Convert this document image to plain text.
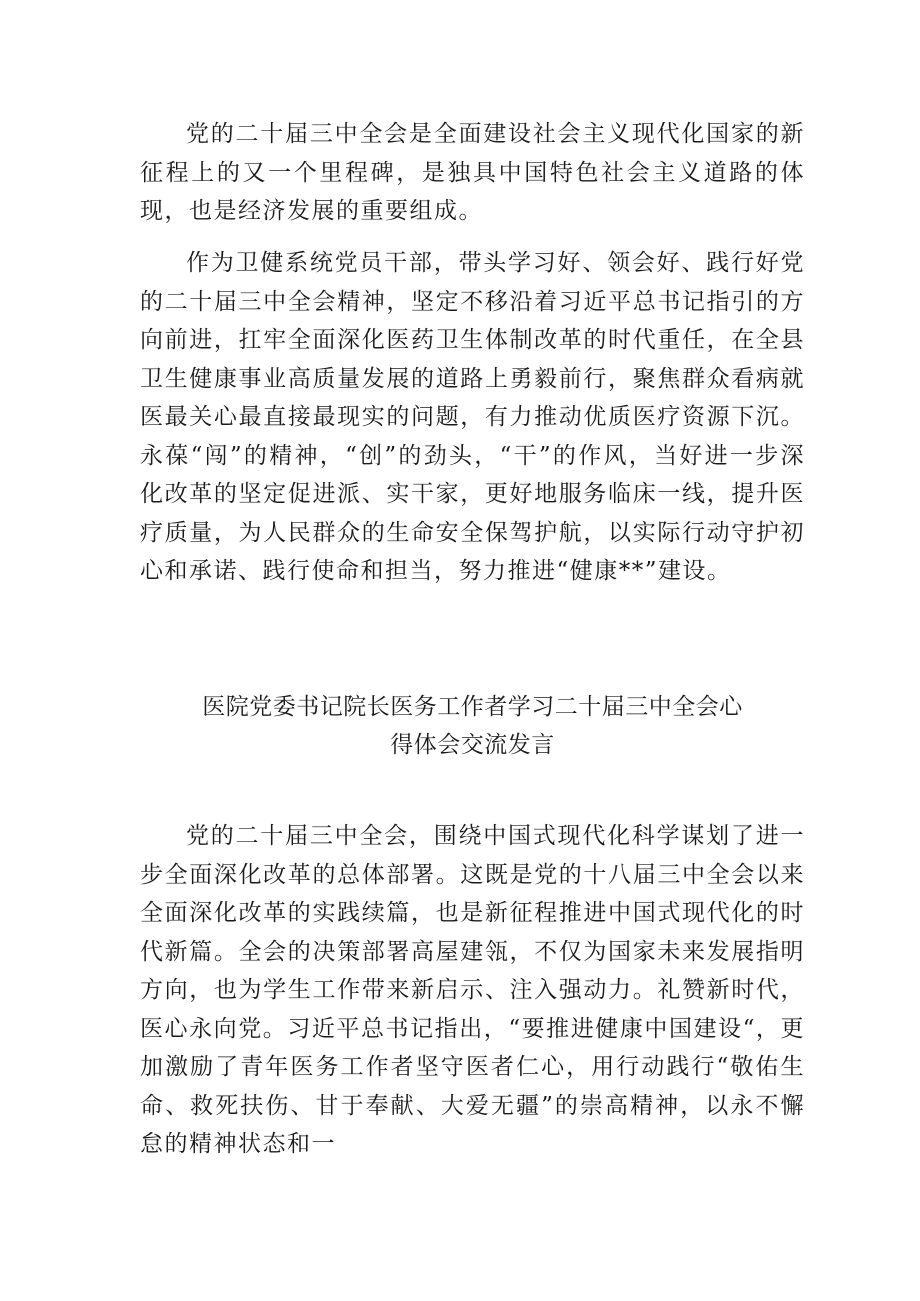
党的二十届三中全会是全面建设社会主义现代化国家的新征程上的又一个里程碑，是独具中国特色社会主义道路的体现，也是经济发展的重要组成。

作为卫健系统党员干部，带头学习好、领会好、践行好党的二十届三中全会精神，坚定不移沿着习近平总书记指引的方向前进，扛牢全面深化医药卫生体制改革的时代重任，在全县卫生健康事业高质量发展的道路上勇毅前行，聚焦群众看病就医最关心最直接最现实的问题，有力推动优质医疗资源下沉。永葆“闯”的精神，“创”的劲头，“干”的作风，当好进一步深化改革的坚定促进派、实干家，更好地服务临床一线，提升医疗质量，为人民群众的生命安全保驾护航，以实际行动守护初心和承诺、践行使命和担当，努力推进“健康**”建设。

医院党委书记院长医务工作者学习二十届三中全会心
得体会交流发言

党的二十届三中全会，围绕中国式现代化科学谋划了进一步全面深化改革的总体部署。这既是党的十八届三中全会以来全面深化改革的实践续篇，也是新征程推进中国式现代化的时代新篇。全会的决策部署高屋建瓴，不仅为国家未来发展指明方向，也为学生工作带来新启示、注入强动力。礼赞新时代，医心永向党。习近平总书记指出，“要推进健康中国建设“，更加激励了青年医务工作者坚守医者仁心，用行动践行“敬佑生命、救死扶伤、甘于奉献、大爱无疆”的崇高精神，以永不懈怠的精神状态和一
